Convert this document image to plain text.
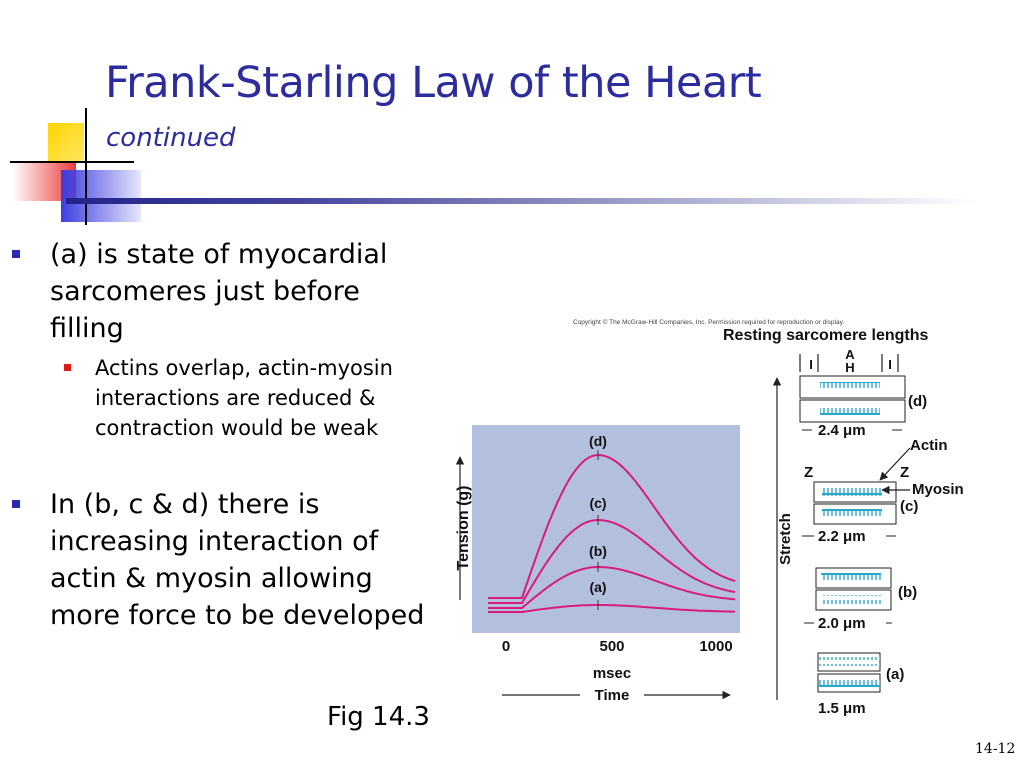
Frank-Starling Law of the Heart
continued
(a) is state of myocardial sarcomeres just before filling
Actins overlap, actin-myosin interactions are reduced & contraction would be weak
In (b, c & d) there is increasing interaction of actin & myosin allowing more force to be developed
Fig 14.3
14-12
Copyright © The McGraw-Hill Companies, Inc. Permission required for reproduction or display.
Tension (g)
(a)
(b)
(c)
(d)
0	500	1000
msec
Time
Resting sarcomere lengths
Stretch
I
A
H	I
(d)
2.4 μm
Z	Z
Actin
Myosin
(c)
2.2 μm
(b)
2.0 μm
(a)
1.5 μm
